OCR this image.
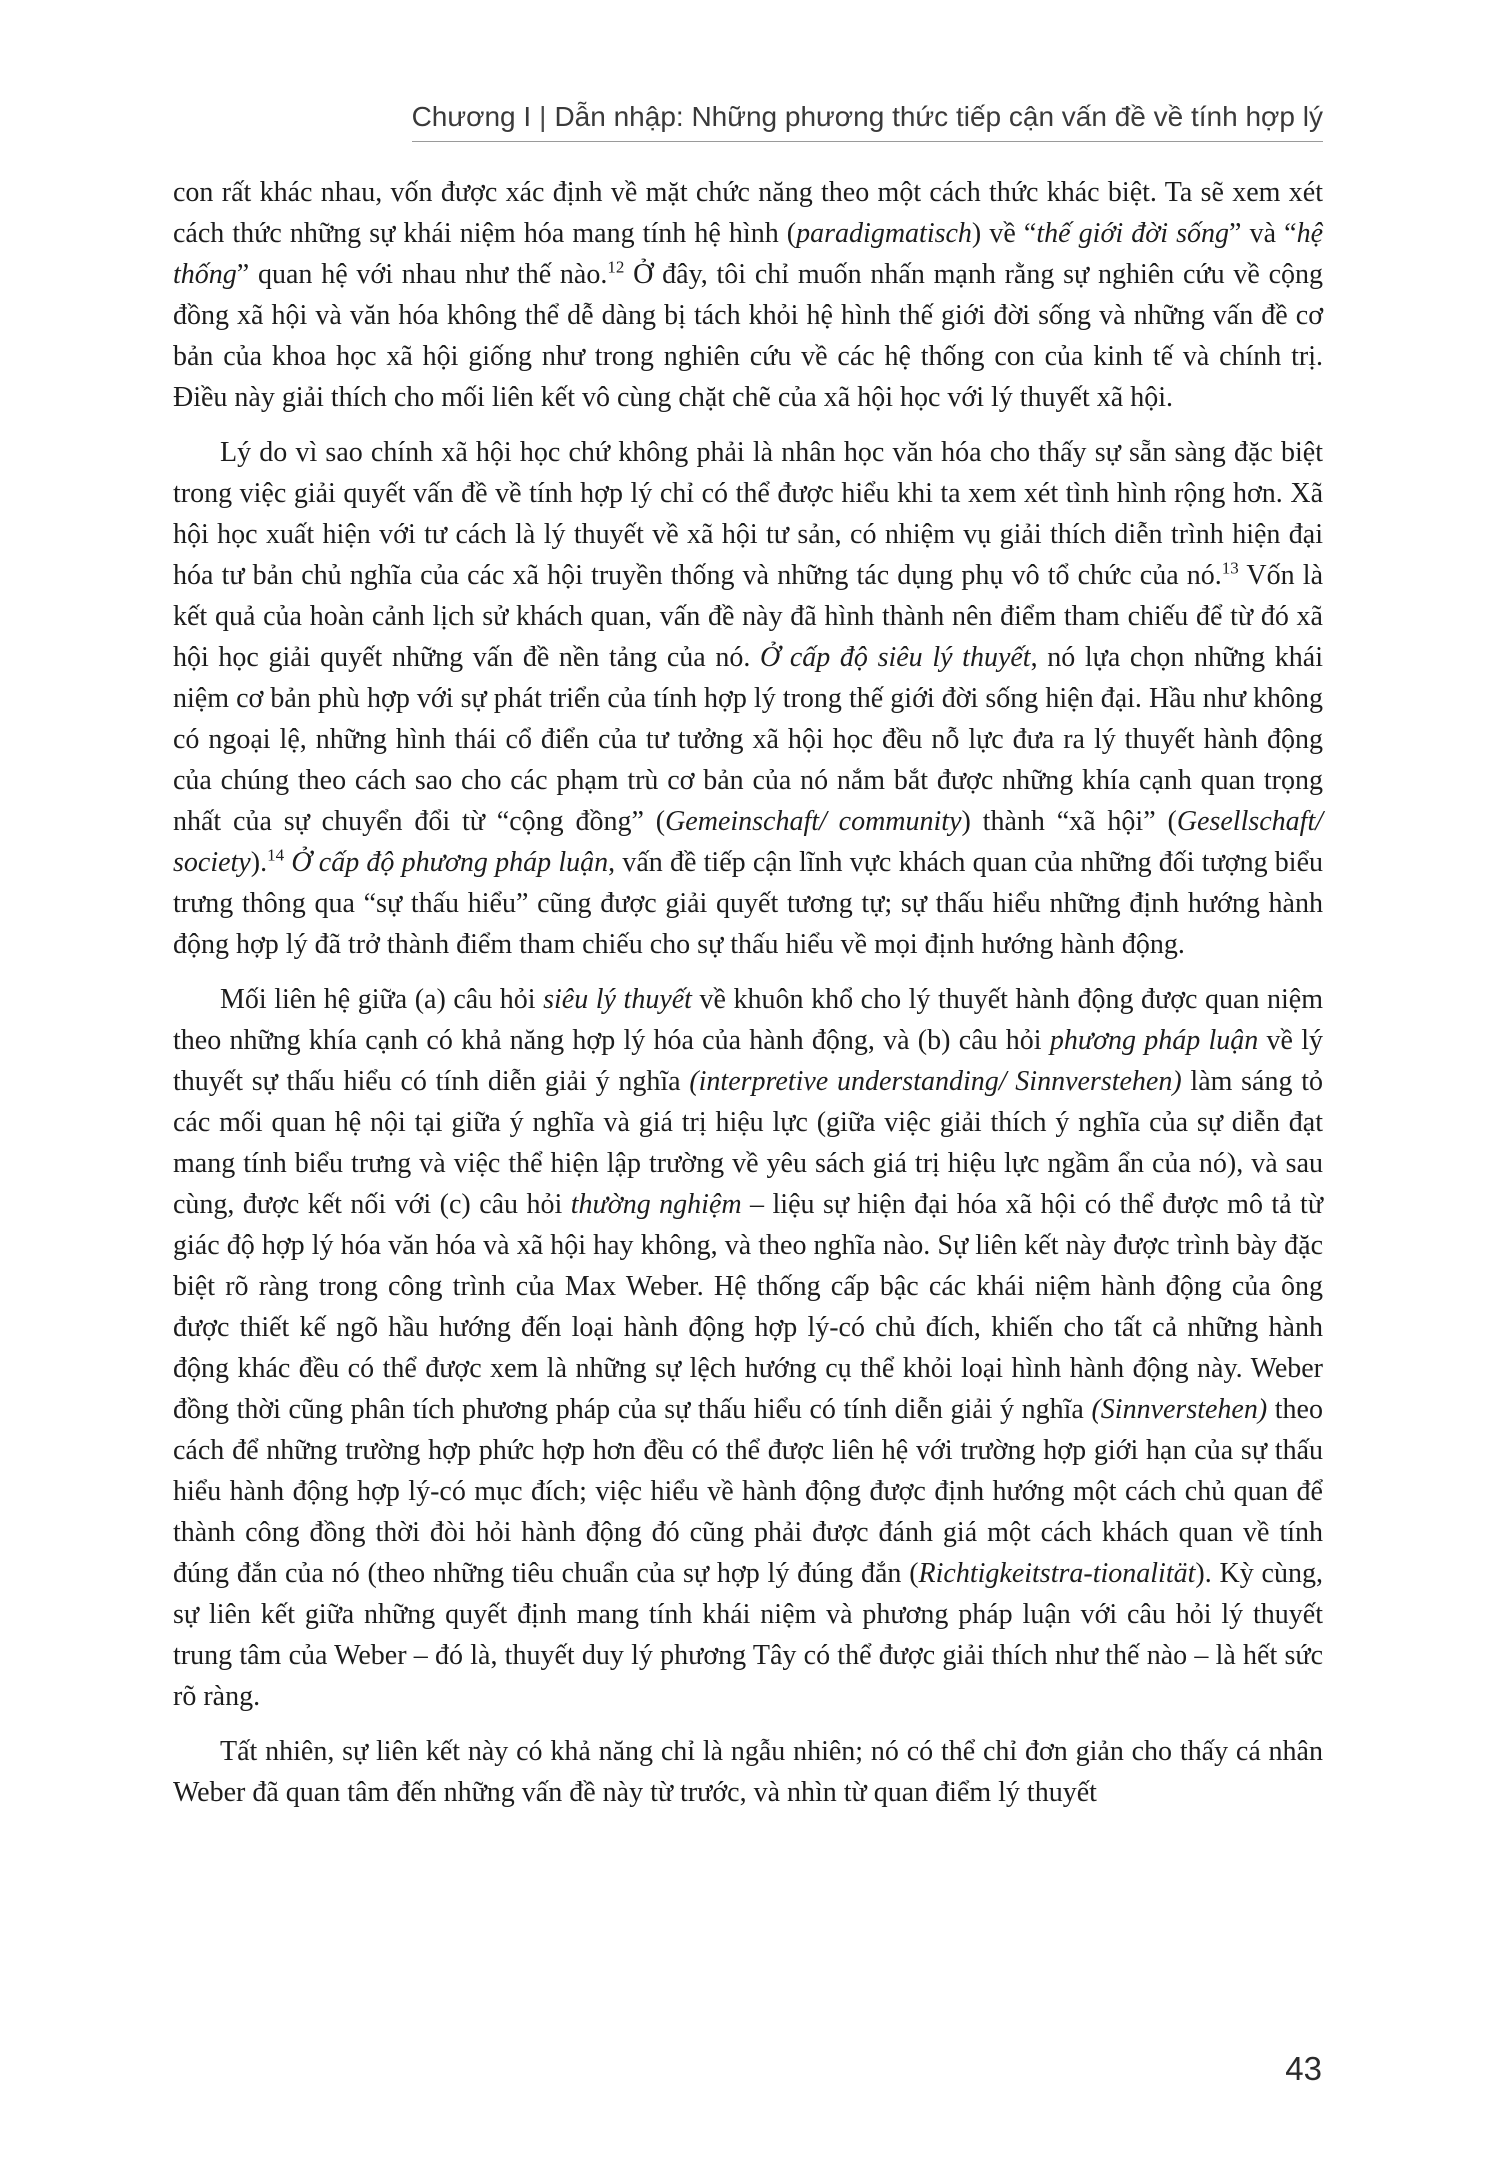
Chương I | Dẫn nhập: Những phương thức tiếp cận vấn đề về tính hợp lý

con rất khác nhau, vốn được xác định về mặt chức năng theo một cách thức khác biệt. Ta sẽ xem xét cách thức những sự khái niệm hóa mang tính hệ hình (paradigmatisch) về “thế giới đời sống” và “hệ thống” quan hệ với nhau như thế nào.$^{12}$ Ở đây, tôi chỉ muốn nhấn mạnh rằng sự nghiên cứu về cộng đồng xã hội và văn hóa không thể dễ dàng bị tách khỏi hệ hình thế giới đời sống và những vấn đề cơ bản của khoa học xã hội giống như trong nghiên cứu về các hệ thống con của kinh tế và chính trị. Điều này giải thích cho mối liên kết vô cùng chặt chẽ của xã hội học với lý thuyết xã hội.

Lý do vì sao chính xã hội học chứ không phải là nhân học văn hóa cho thấy sự sẵn sàng đặc biệt trong việc giải quyết vấn đề về tính hợp lý chỉ có thể được hiểu khi ta xem xét tình hình rộng hơn. Xã hội học xuất hiện với tư cách là lý thuyết về xã hội tư sản, có nhiệm vụ giải thích diễn trình hiện đại hóa tư bản chủ nghĩa của các xã hội truyền thống và những tác dụng phụ vô tổ chức của nó.$^{13}$ Vốn là kết quả của hoàn cảnh lịch sử khách quan, vấn đề này đã hình thành nên điểm tham chiếu để từ đó xã hội học giải quyết những vấn đề nền tảng của nó. Ở cấp độ siêu lý thuyết, nó lựa chọn những khái niệm cơ bản phù hợp với sự phát triển của tính hợp lý trong thế giới đời sống hiện đại. Hầu như không có ngoại lệ, những hình thái cổ điển của tư tưởng xã hội học đều nỗ lực đưa ra lý thuyết hành động của chúng theo cách sao cho các phạm trù cơ bản của nó nắm bắt được những khía cạnh quan trọng nhất của sự chuyển đổi từ “cộng đồng” (Gemeinschaft/ community) thành “xã hội” (Gesellschaft/ society).$^{14}$ Ở cấp độ phương pháp luận, vấn đề tiếp cận lĩnh vực khách quan của những đối tượng biểu trưng thông qua “sự thấu hiểu” cũng được giải quyết tương tự; sự thấu hiểu những định hướng hành động hợp lý đã trở thành điểm tham chiếu cho sự thấu hiểu về mọi định hướng hành động.

Mối liên hệ giữa (a) câu hỏi siêu lý thuyết về khuôn khổ cho lý thuyết hành động được quan niệm theo những khía cạnh có khả năng hợp lý hóa của hành động, và (b) câu hỏi phương pháp luận về lý thuyết sự thấu hiểu có tính diễn giải ý nghĩa (interpretive understanding/ Sinnverstehen) làm sáng tỏ các mối quan hệ nội tại giữa ý nghĩa và giá trị hiệu lực (giữa việc giải thích ý nghĩa của sự diễn đạt mang tính biểu trưng và việc thể hiện lập trường về yêu sách giá trị hiệu lực ngầm ẩn của nó), và sau cùng, được kết nối với (c) câu hỏi thường nghiệm – liệu sự hiện đại hóa xã hội có thể được mô tả từ giác độ hợp lý hóa văn hóa và xã hội hay không, và theo nghĩa nào. Sự liên kết này được trình bày đặc biệt rõ ràng trong công trình của Max Weber. Hệ thống cấp bậc các khái niệm hành động của ông được thiết kế ngõ hầu hướng đến loại hành động hợp lý-có chủ đích, khiến cho tất cả những hành động khác đều có thể được xem là những sự lệch hướng cụ thể khỏi loại hình hành động này. Weber đồng thời cũng phân tích phương pháp của sự thấu hiểu có tính diễn giải ý nghĩa (Sinnverstehen) theo cách để những trường hợp phức hợp hơn đều có thể được liên hệ với trường hợp giới hạn của sự thấu hiểu hành động hợp lý-có mục đích; việc hiểu về hành động được định hướng một cách chủ quan để thành công đồng thời đòi hỏi hành động đó cũng phải được đánh giá một cách khách quan về tính đúng đắn của nó (theo những tiêu chuẩn của sự hợp lý đúng đắn (Richtigkeitstra-tionalität). Kỳ cùng, sự liên kết giữa những quyết định mang tính khái niệm và phương pháp luận với câu hỏi lý thuyết trung tâm của Weber – đó là, thuyết duy lý phương Tây có thể được giải thích như thế nào – là hết sức rõ ràng.

Tất nhiên, sự liên kết này có khả năng chỉ là ngẫu nhiên; nó có thể chỉ đơn giản cho thấy cá nhân Weber đã quan tâm đến những vấn đề này từ trước, và nhìn từ quan điểm lý thuyết

43
